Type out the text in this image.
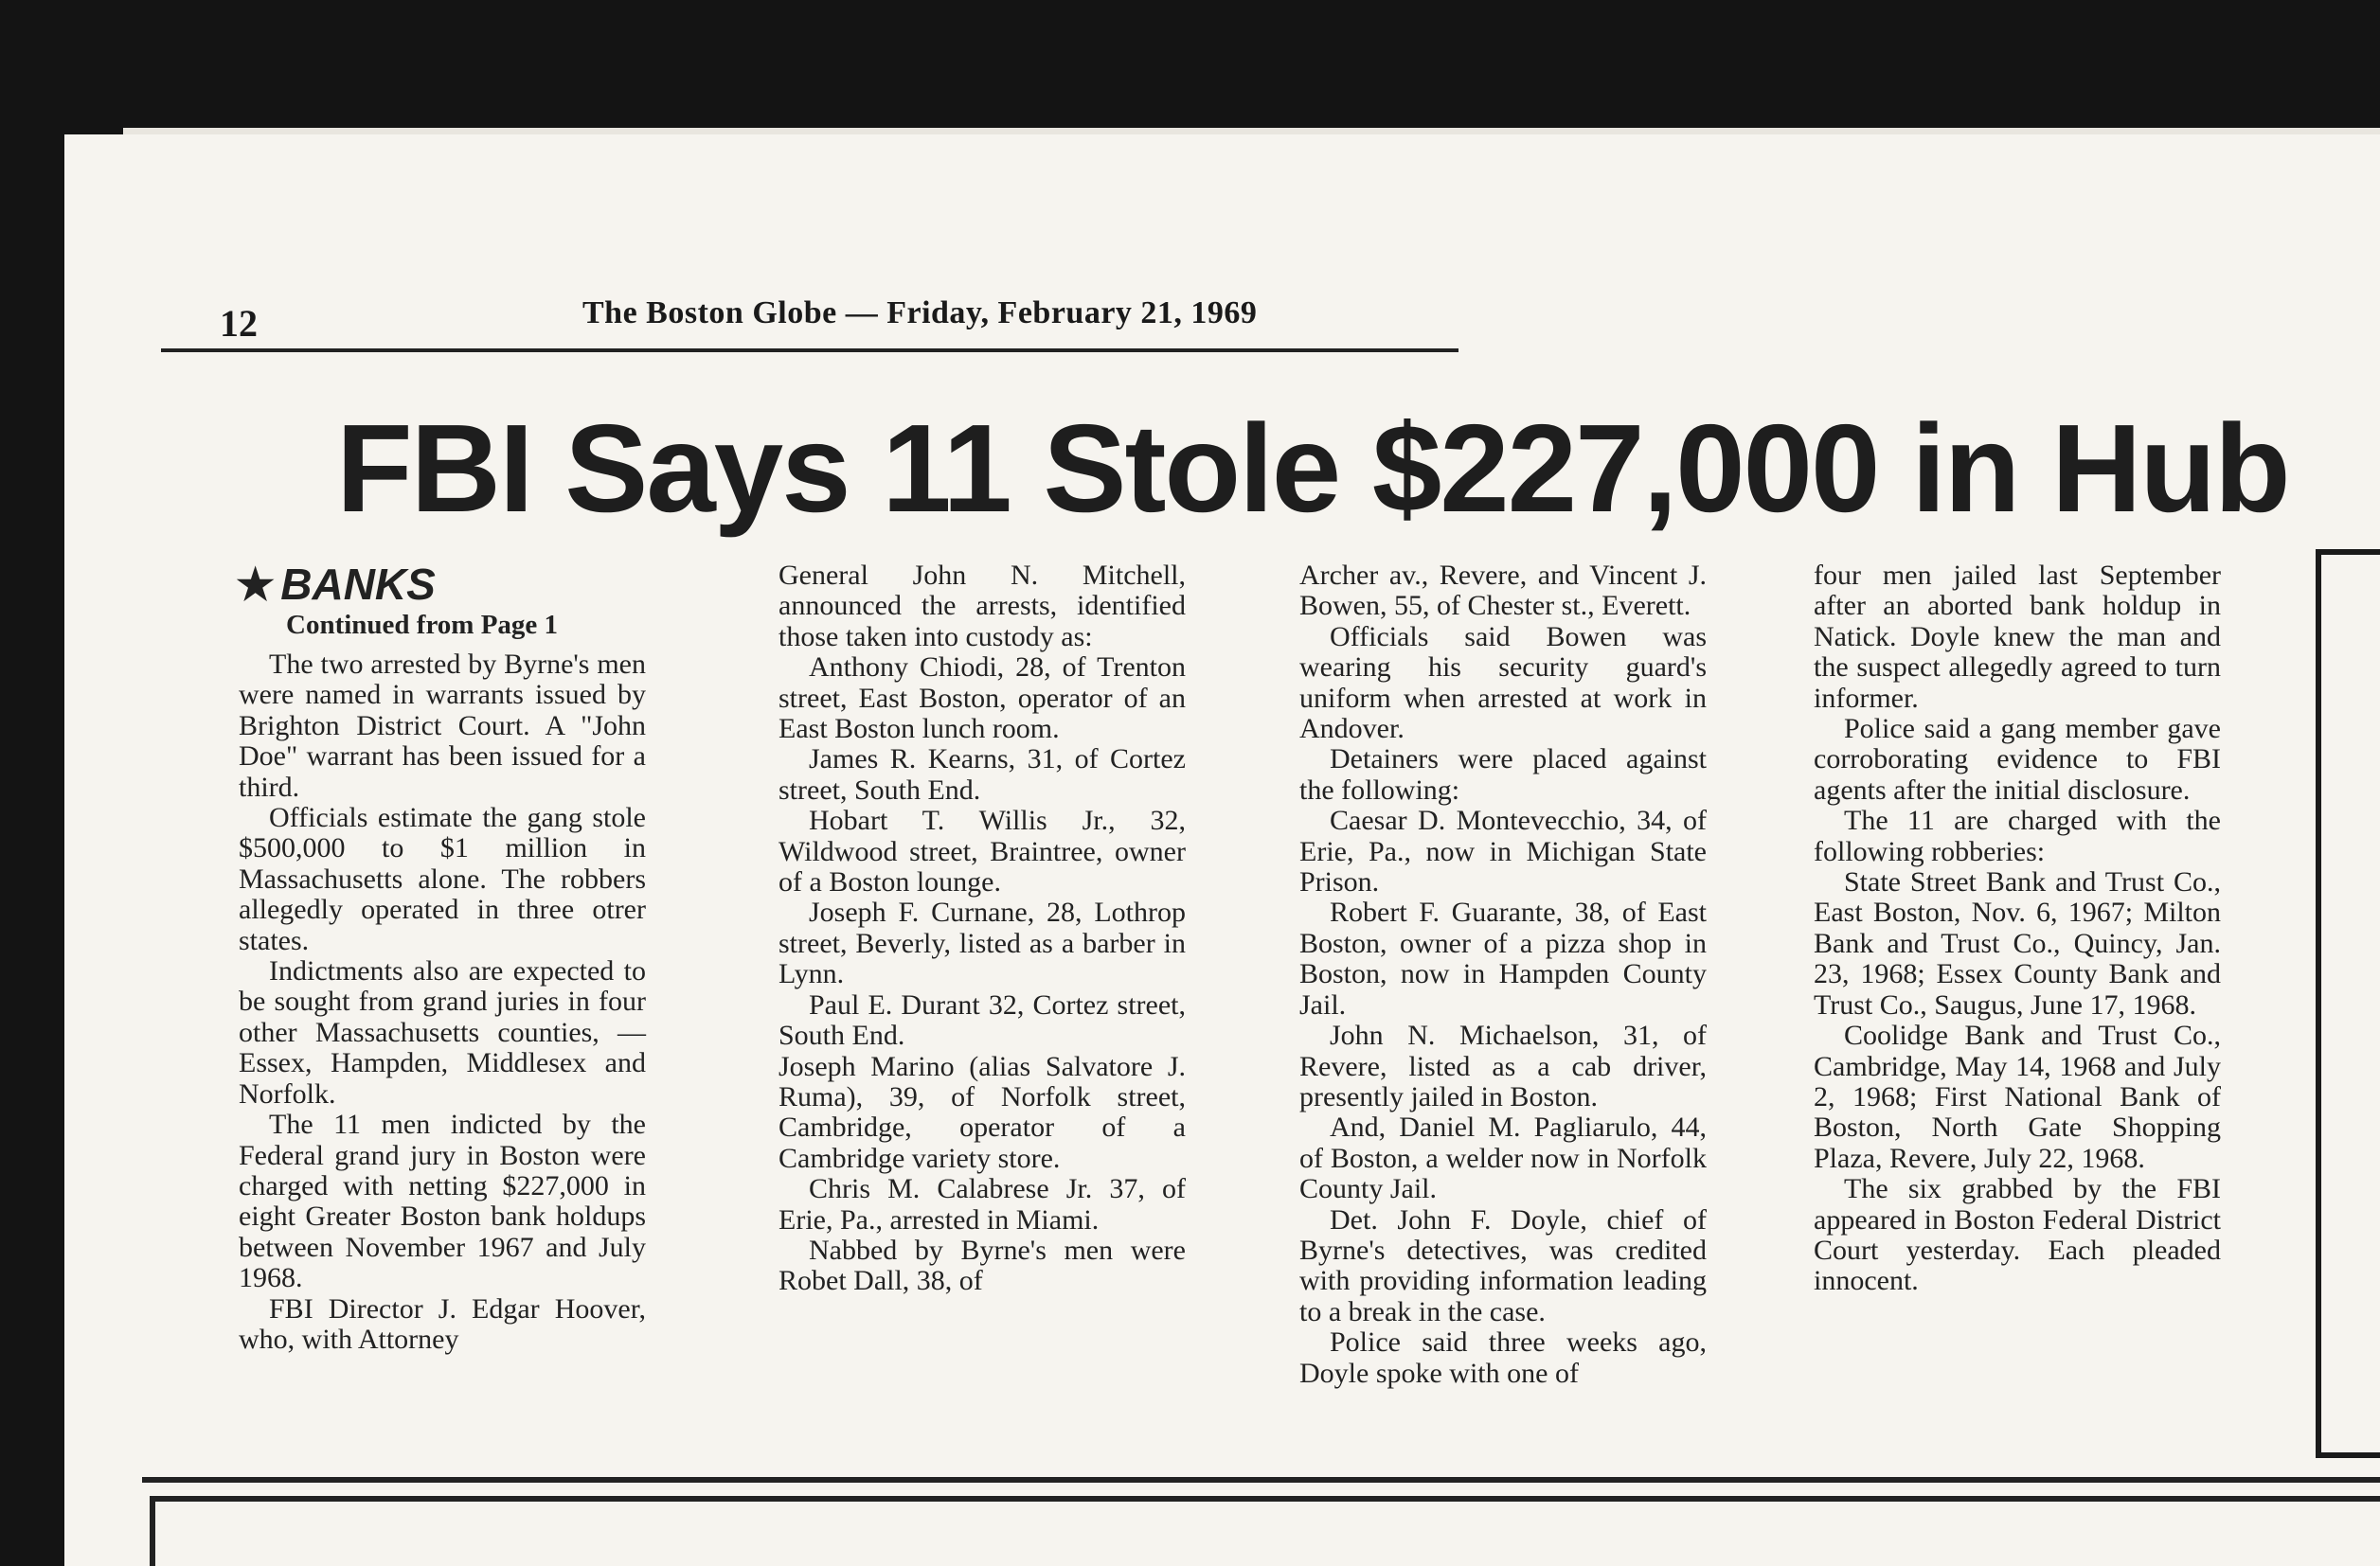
12	The Boston Globe — Friday, February 21, 1969
FBI Says 11 Stole $227,000 in Hub
★ BANKS
Continued from Page 1

The two arrested by Byrne's men were named in warrants issued by Brighton District Court. A "John Doe" warrant has been issued for a third.

Officials estimate the gang stole $500,000 to $1 million in Massachusetts alone. The robbers allegedly operated in three otrer states.

Indictments also are expected to be sought from grand juries in four other Massachusetts counties, — Essex, Hampden, Middlesex and Norfolk.

The 11 men indicted by the Federal grand jury in Boston were charged with netting $227,000 in eight Greater Boston bank holdups between November 1967 and July 1968.

FBI Director J. Edgar Hoover, who, with Attorney

General John N. Mitchell, announced the arrests, identified those taken into custody as:

Anthony Chiodi, 28, of Trenton street, East Boston, operator of an East Boston lunch room.

James R. Kearns, 31, of Cortez street, South End.

Hobart T. Willis Jr., 32, Wildwood street, Braintree, owner of a Boston lounge.

Joseph F. Curnane, 28, Lothrop street, Beverly, listed as a barber in Lynn.

Paul E. Durant 32, Cortez street, South End.

Joseph Marino (alias Salvatore J. Ruma), 39, of Norfolk street, Cambridge, operator of a Cambridge variety store.

Chris M. Calabrese Jr. 37, of Erie, Pa., arrested in Miami.

Nabbed by Byrne's men were Robet Dall, 38, of

Archer av., Revere, and Vincent J. Bowen, 55, of Chester st., Everett.

Officials said Bowen was wearing his security guard's uniform when arrested at work in Andover.

Detainers were placed against the following:

Caesar D. Montevecchio, 34, of Erie, Pa., now in Michigan State Prison.

Robert F. Guarante, 38, of East Boston, owner of a pizza shop in Boston, now in Hampden County Jail.

John N. Michaelson, 31, of Revere, listed as a cab driver, presently jailed in Boston.

And, Daniel M. Pagliarulo, 44, of Boston, a welder now in Norfolk County Jail.

Det. John F. Doyle, chief of Byrne's detectives, was credited with providing information leading to a break in the case.

Police said three weeks ago, Doyle spoke with one of

four men jailed last September after an aborted bank holdup in Natick. Doyle knew the man and the suspect allegedly agreed to turn informer.

Police said a gang member gave corroborating evidence to FBI agents after the initial disclosure.

The 11 are charged with the following robberies:

State Street Bank and Trust Co., East Boston, Nov. 6, 1967; Milton Bank and Trust Co., Quincy, Jan. 23, 1968; Essex County Bank and Trust Co., Saugus, June 17, 1968.

Coolidge Bank and Trust Co., Cambridge, May 14, 1968 and July 2, 1968; First National Bank of Boston, North Gate Shopping Plaza, Revere, July 22, 1968.

The six grabbed by the FBI appeared in Boston Federal District Court yesterday. Each pleaded innocent.
